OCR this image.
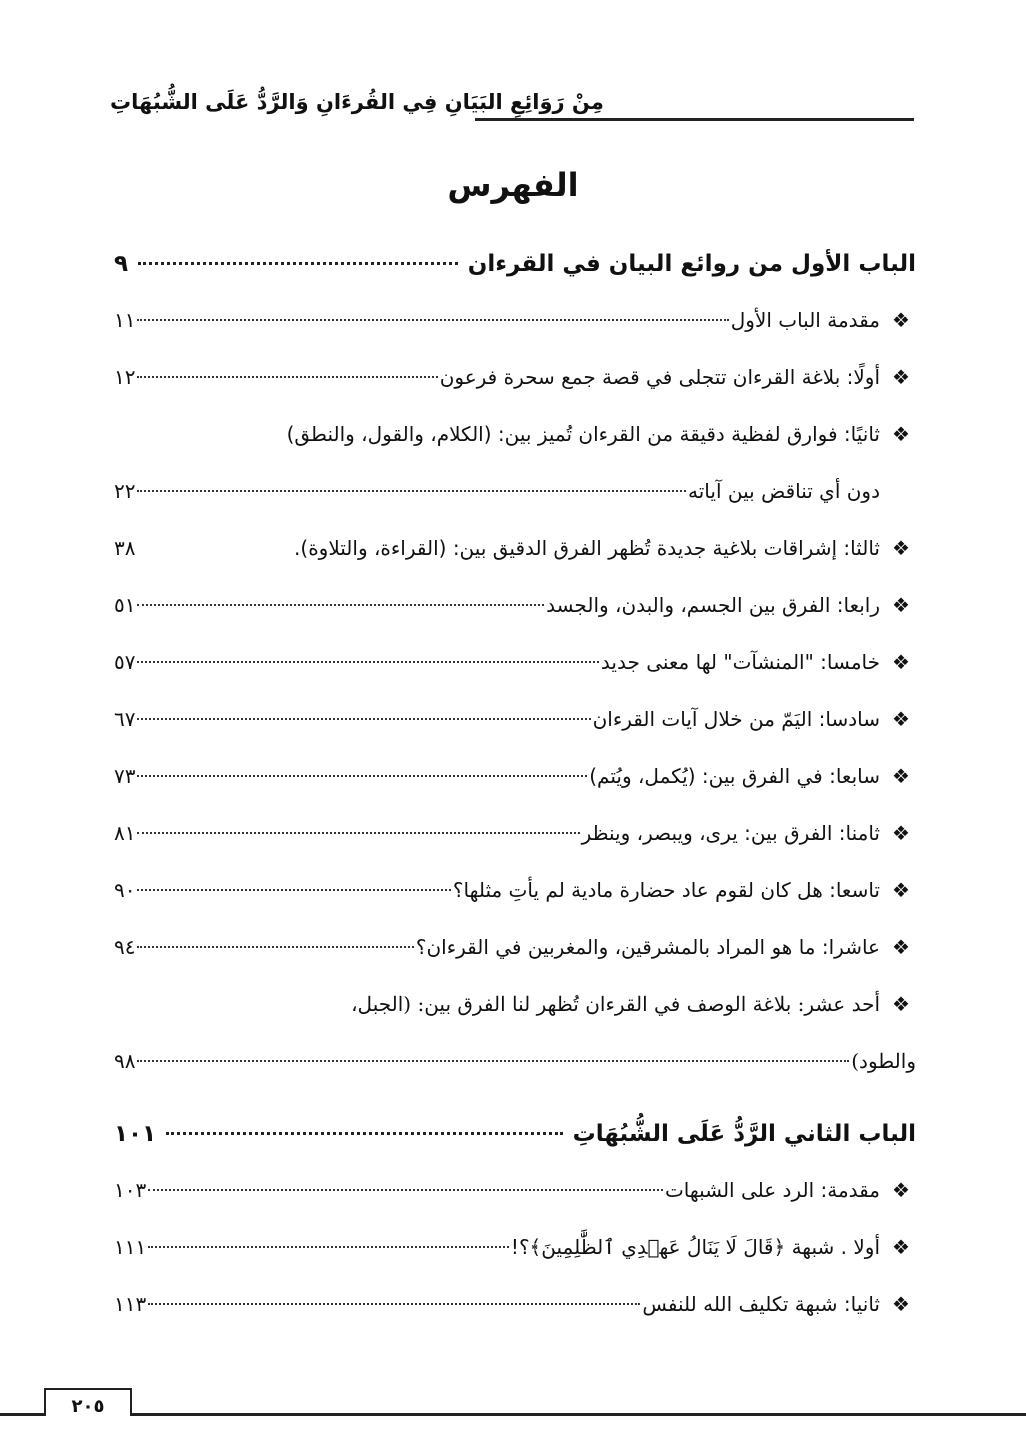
مِنْ رَوَائِعِ البَيَانِ فِي القُرءَانِ وَالرَّدُّ عَلَى الشُّبُهَاتِ
الفهرس
الباب الأول من روائع البيان في القرءان
٩
❖
مقدمة الباب الأول
١١
❖
أولًا: بلاغة القرءان تتجلى في قصة جمع سحرة فرعون
١٢
❖
ثانيًا: فوارق لفظية دقيقة من القرءان تُميز بين: (الكلام، والقول، والنطق)
دون أي تناقض بين آياته
٢٢
❖
ثالثا: إشراقات بلاغية جديدة تُظهر الفرق الدقيق بين: (القراءة، والتلاوة).
٣٨
❖
رابعا: الفرق بين الجسم، والبدن، والجسد
٥١
❖
خامسا: "المنشآت" لها معنى جديد
٥٧
❖
سادسا: اليَمّ من خلال آيات القرءان
٦٧
❖
سابعا: في الفرق بين: (يُكمل، ويُتم)
٧٣
❖
ثامنا: الفرق بين: يرى، ويبصر، وينظر
٨١
❖
تاسعا: هل كان لقوم عاد حضارة مادية لم يأتِ مثلها؟
٩٠
❖
عاشرا: ما هو المراد بالمشرقين، والمغربين في القرءان؟
٩٤
❖
أحد عشر: بلاغة الوصف في القرءان تُظهر لنا الفرق بين: (الجبل،
والطود)
٩٨
الباب الثاني الرَّدُّ عَلَى الشُّبُهَاتِ
١٠١
❖
مقدمة: الرد على الشبهات
١٠٣
❖
أولا . شبهة ﴿قَالَ لَا يَنَالُ عَهۡدِي ٱلظَّٰلِمِينَ﴾؟!
١١١
❖
ثانيا: شبهة تكليف الله للنفس
١١٣
٢٠٥
